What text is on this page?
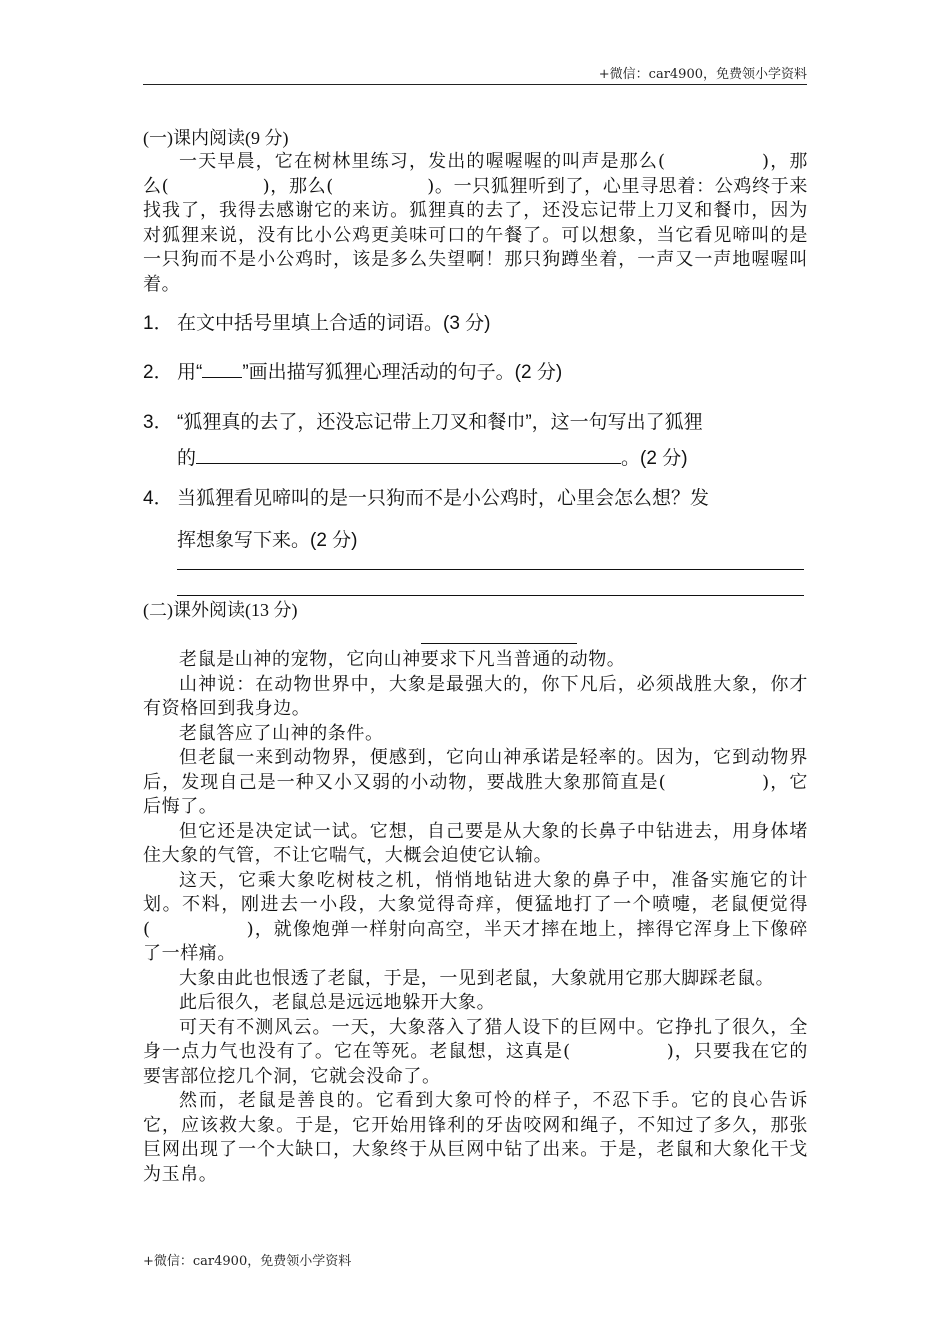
+微信：car4900，免费领小学资料
(一)课内阅读(9 分)

一天早晨，它在树林里练习，发出的喔喔喔的叫声是那么(　　　　　)，那么(　　　　　)，那么(　　　　　)。一只狐狸听到了，心里寻思着：公鸡终于来找我了，我得去感谢它的来访。狐狸真的去了，还没忘记带上刀叉和餐巾，因为对狐狸来说，没有比小公鸡更美味可口的午餐了。可以想象，当它看见啼叫的是一只狗而不是小公鸡时，该是多么失望啊！那只狗蹲坐着，一声又一声地喔喔叫着。

1． 在文中括号里填上合适的词语。(3 分)
2． 用“ ”画出描写狐狸心理活动的句子。(2 分)
3． “狐狸真的去了，还没忘记带上刀叉和餐巾”，这一句写出了狐狸
的	。(2 分)
4． 当狐狸看见啼叫的是一只狗而不是小公鸡时，心里会怎么想？发
挥想象写下来。(2 分)
(二)课外阅读(13 分)

老鼠是山神的宠物，它向山神要求下凡当普通的动物。

山神说：在动物世界中，大象是最强大的，你下凡后，必须战胜大象，你才有资格回到我身边。

老鼠答应了山神的条件。

但老鼠一来到动物界，便感到，它向山神承诺是轻率的。因为，它到动物界后，发现自己是一种又小又弱的小动物，要战胜大象那简直是(　　　　　)，它后悔了。

但它还是决定试一试。它想，自己要是从大象的长鼻子中钻进去，用身体堵住大象的气管，不让它喘气，大概会迫使它认输。

这天，它乘大象吃树枝之机，悄悄地钻进大象的鼻子中，准备实施它的计划。不料，刚进去一小段，大象觉得奇痒，便猛地打了一个喷嚏，老鼠便觉得(　　　　　)，就像炮弹一样射向高空，半天才摔在地上，摔得它浑身上下像碎了一样痛。

大象由此也恨透了老鼠，于是，一见到老鼠，大象就用它那大脚踩老鼠。

此后很久，老鼠总是远远地躲开大象。

可天有不测风云。一天，大象落入了猎人设下的巨网中。它挣扎了很久，全身一点力气也没有了。它在等死。老鼠想，这真是(　　　　　)，只要我在它的要害部位挖几个洞，它就会没命了。

然而，老鼠是善良的。它看到大象可怜的样子，不忍下手。它的良心告诉它，应该救大象。于是，它开始用锋利的牙齿咬网和绳子，不知过了多久，那张巨网出现了一个大缺口，大象终于从巨网中钻了出来。于是，老鼠和大象化干戈为玉帛。

+微信：car4900，免费领小学资料
